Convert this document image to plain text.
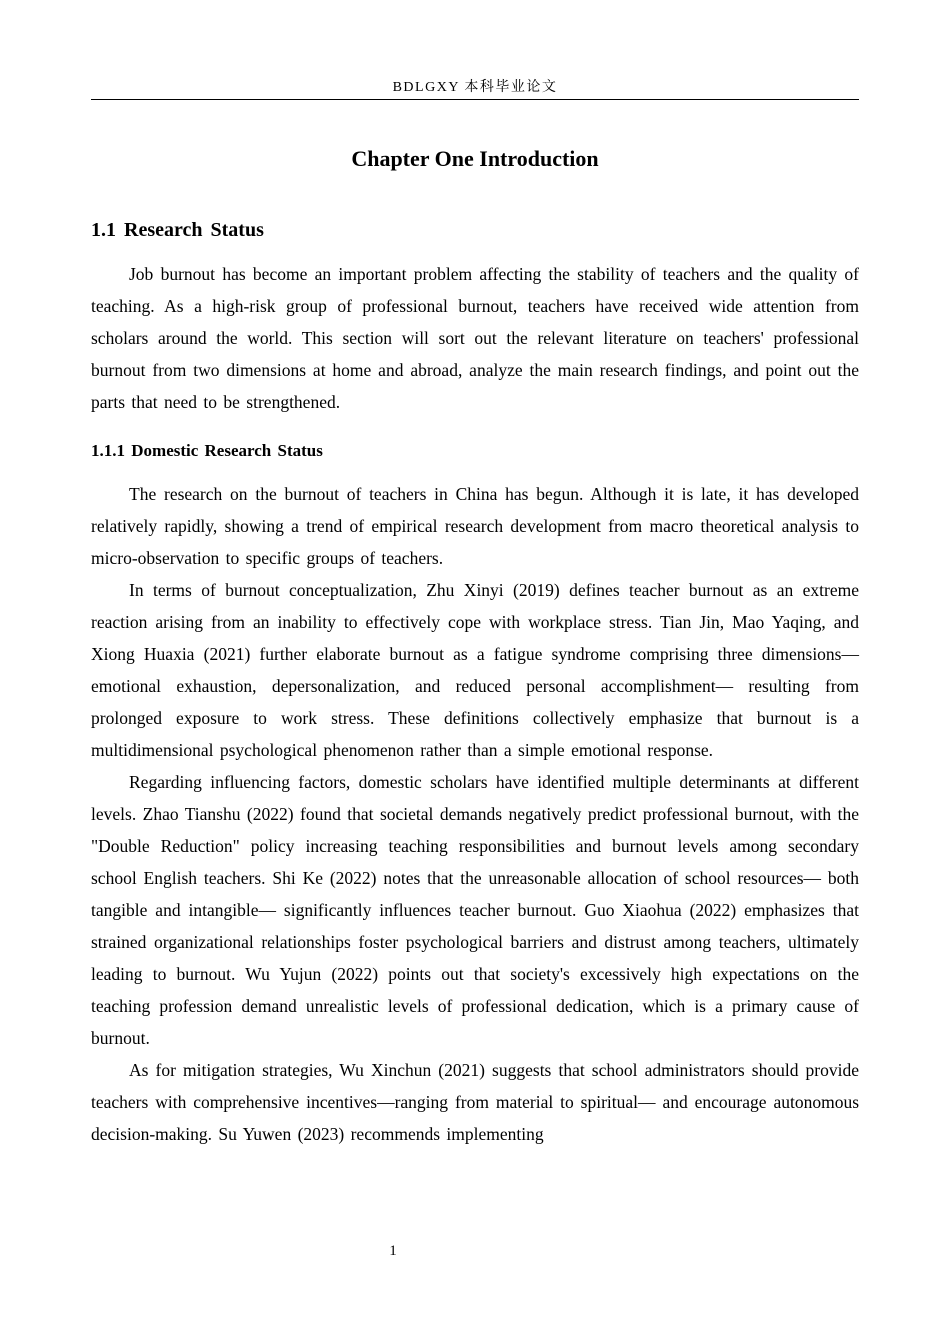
BDLGXY 本科毕业论文
Chapter One Introduction
1.1 Research Status

Job burnout has become an important problem affecting the stability of teachers and the quality of teaching. As a high-risk group of professional burnout, teachers have received wide attention from scholars around the world. This section will sort out the relevant literature on teachers' professional burnout from two dimensions at home and abroad, analyze the main research findings, and point out the parts that need to be strengthened.

1.1.1 Domestic Research Status

The research on the burnout of teachers in China has begun. Although it is late, it has developed relatively rapidly, showing a trend of empirical research development from macro theoretical analysis to micro-observation to specific groups of teachers.

In terms of burnout conceptualization, Zhu Xinyi (2019) defines teacher burnout as an extreme reaction arising from an inability to effectively cope with workplace stress. Tian Jin, Mao Yaqing, and Xiong Huaxia (2021) further elaborate burnout as a fatigue syndrome comprising three dimensions—emotional exhaustion, depersonalization, and reduced personal accomplishment— resulting from prolonged exposure to work stress. These definitions collectively emphasize that burnout is a multidimensional psychological phenomenon rather than a simple emotional response.

Regarding influencing factors, domestic scholars have identified multiple determinants at different levels. Zhao Tianshu (2022) found that societal demands negatively predict professional burnout, with the "Double Reduction" policy increasing teaching responsibilities and burnout levels among secondary school English teachers. Shi Ke (2022) notes that the unreasonable allocation of school resources— both tangible and intangible— significantly influences teacher burnout. Guo Xiaohua (2022) emphasizes that strained organizational relationships foster psychological barriers and distrust among teachers, ultimately leading to burnout. Wu Yujun (2022) points out that society's excessively high expectations on the teaching profession demand unrealistic levels of professional dedication, which is a primary cause of burnout.

As for mitigation strategies, Wu Xinchun (2021) suggests that school administrators should provide teachers with comprehensive incentives—ranging from material to spiritual— and encourage autonomous decision-making. Su Yuwen (2023) recommends implementing

1
